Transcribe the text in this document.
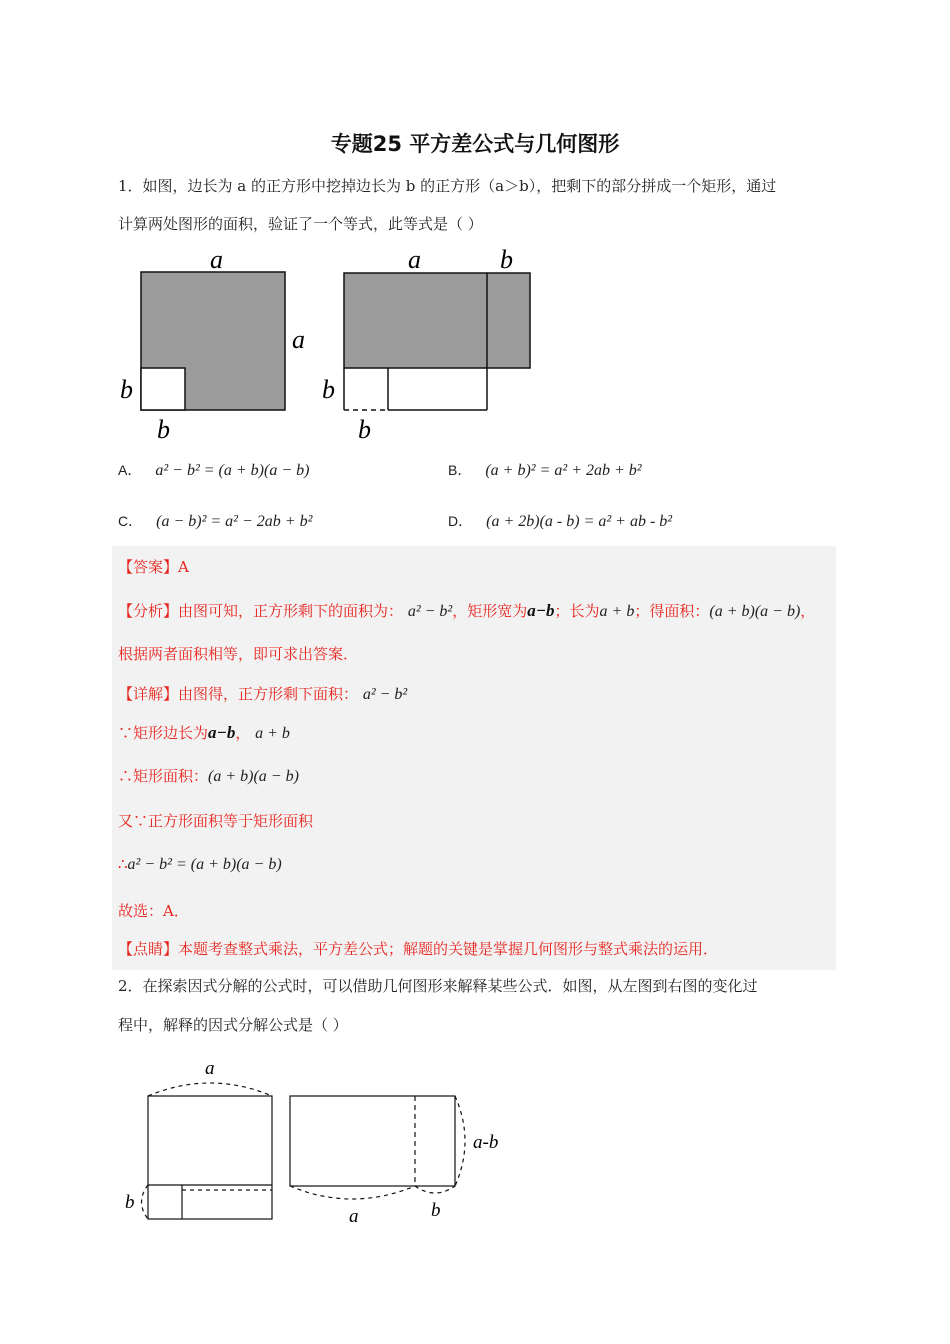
专题25 平方差公式与几何图形
1．如图，边长为 a 的正方形中挖掉边长为 b 的正方形（a＞b），把剩下的部分拼成一个矩形，通过
计算两处图形的面积，验证了一个等式，此等式是（ ）
a
a
b
b
a	b
b
b
A． a² − b² = (a + b)(a − b)	B． (a + b)² = a² + 2ab + b²
C． (a − b)² = a² − 2ab + b²	D． (a + 2b)(a - b) = a² + ab - b²
【答案】A
【分析】由图可知，正方形剩下的面积为： a² − b²，矩形宽为a−b；长为a + b；得面积：(a + b)(a − b)，
根据两者面积相等，即可求出答案．
【详解】由图得，正方形剩下面积： a² − b²
∵矩形边长为a−b， a + b
∴矩形面积：(a + b)(a − b)
又∵正方形面积等于矩形面积
∴a² − b² = (a + b)(a − b)
故选：A．
【点睛】本题考查整式乘法，平方差公式；解题的关键是掌握几何图形与整式乘法的运用．
2．在探索因式分解的公式时，可以借助几何图形来解释某些公式．如图，从左图到右图的变化过
程中，解释的因式分解公式是（ ）
a
b
a-b
a	b
